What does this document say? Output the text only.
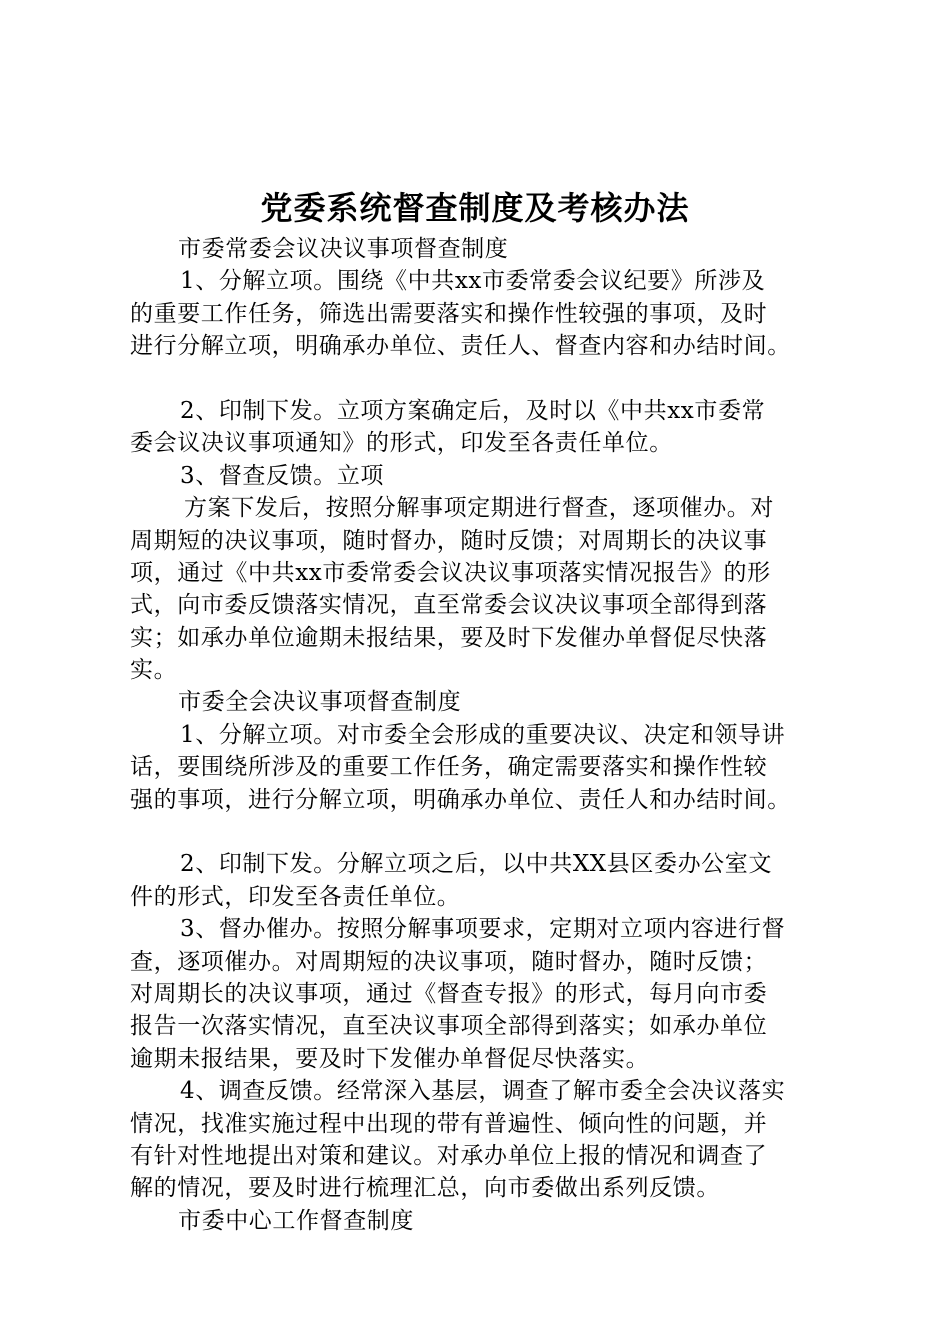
党委系统督查制度及考核办法
市委常委会议决议事项督查制度
1、分解立项。围绕《中共xx市委常委会议纪要》所涉及
的重要工作任务，筛选出需要落实和操作性较强的事项，及时
进行分解立项，明确承办单位、责任人、督查内容和办结时间。
2、印制下发。立项方案确定后，及时以《中共xx市委常
委会议决议事项通知》的形式，印发至各责任单位。
3、督查反馈。立项
方案下发后，按照分解事项定期进行督查，逐项催办。对
周期短的决议事项，随时督办，随时反馈；对周期长的决议事
项，通过《中共xx市委常委会议决议事项落实情况报告》的形
式，向市委反馈落实情况，直至常委会议决议事项全部得到落
实；如承办单位逾期未报结果，要及时下发催办单督促尽快落
实。
市委全会决议事项督查制度
1、分解立项。对市委全会形成的重要决议、决定和领导讲
话，要围绕所涉及的重要工作任务，确定需要落实和操作性较
强的事项，进行分解立项，明确承办单位、责任人和办结时间。
2、印制下发。分解立项之后，以中共XX县区委办公室文
件的形式，印发至各责任单位。
3、督办催办。按照分解事项要求，定期对立项内容进行督
查，逐项催办。对周期短的决议事项，随时督办，随时反馈；
对周期长的决议事项，通过《督查专报》的形式，每月向市委
报告一次落实情况，直至决议事项全部得到落实；如承办单位
逾期未报结果，要及时下发催办单督促尽快落实。
4、调查反馈。经常深入基层，调查了解市委全会决议落实
情况，找准实施过程中出现的带有普遍性、倾向性的问题，并
有针对性地提出对策和建议。对承办单位上报的情况和调查了
解的情况，要及时进行梳理汇总，向市委做出系列反馈。
市委中心工作督查制度
